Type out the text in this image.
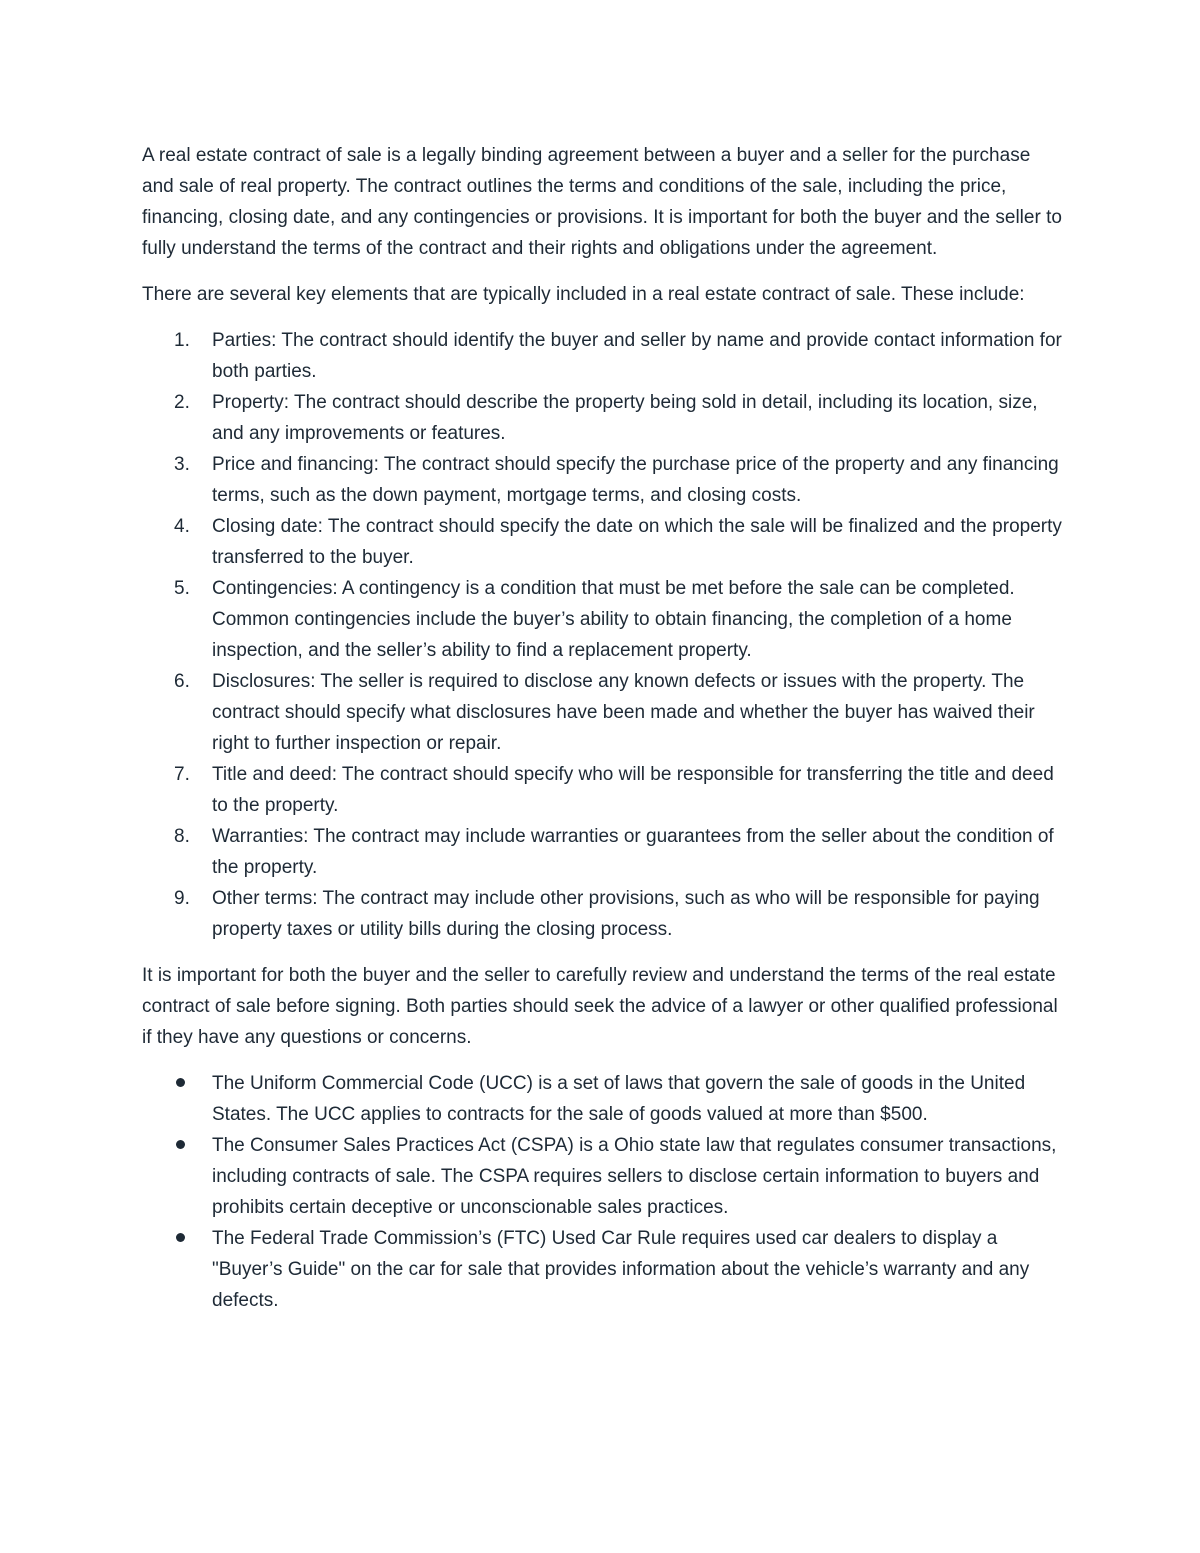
A real estate contract of sale is a legally binding agreement between a buyer and a seller for the purchase and sale of real property. The contract outlines the terms and conditions of the sale, including the price, financing, closing date, and any contingencies or provisions. It is important for both the buyer and the seller to fully understand the terms of the contract and their rights and obligations under the agreement.

There are several key elements that are typically included in a real estate contract of sale. These include:

1.	Parties: The contract should identify the buyer and seller by name and provide contact information for both parties.
2.	Property: The contract should describe the property being sold in detail, including its location, size, and any improvements or features.
3.	Price and financing: The contract should specify the purchase price of the property and any financing terms, such as the down payment, mortgage terms, and closing costs.
4.	Closing date: The contract should specify the date on which the sale will be finalized and the property transferred to the buyer.
5.	Contingencies: A contingency is a condition that must be met before the sale can be completed. Common contingencies include the buyer’s ability to obtain financing, the completion of a home inspection, and the seller’s ability to find a replacement property.
6.	Disclosures: The seller is required to disclose any known defects or issues with the property. The contract should specify what disclosures have been made and whether the buyer has waived their right to further inspection or repair.
7.	Title and deed: The contract should specify who will be responsible for transferring the title and deed to the property.
8.	Warranties: The contract may include warranties or guarantees from the seller about the condition of the property.
9.	Other terms: The contract may include other provisions, such as who will be responsible for paying property taxes or utility bills during the closing process.

It is important for both the buyer and the seller to carefully review and understand the terms of the real estate contract of sale before signing. Both parties should seek the advice of a lawyer or other qualified professional if they have any questions or concerns.

The Uniform Commercial Code (UCC) is a set of laws that govern the sale of goods in the United States. The UCC applies to contracts for the sale of goods valued at more than $500.
The Consumer Sales Practices Act (CSPA) is a Ohio state law that regulates consumer transactions, including contracts of sale. The CSPA requires sellers to disclose certain information to buyers and prohibits certain deceptive or unconscionable sales practices.
The Federal Trade Commission’s (FTC) Used Car Rule requires used car dealers to display a "Buyer’s Guide" on the car for sale that provides information about the vehicle’s warranty and any defects.
